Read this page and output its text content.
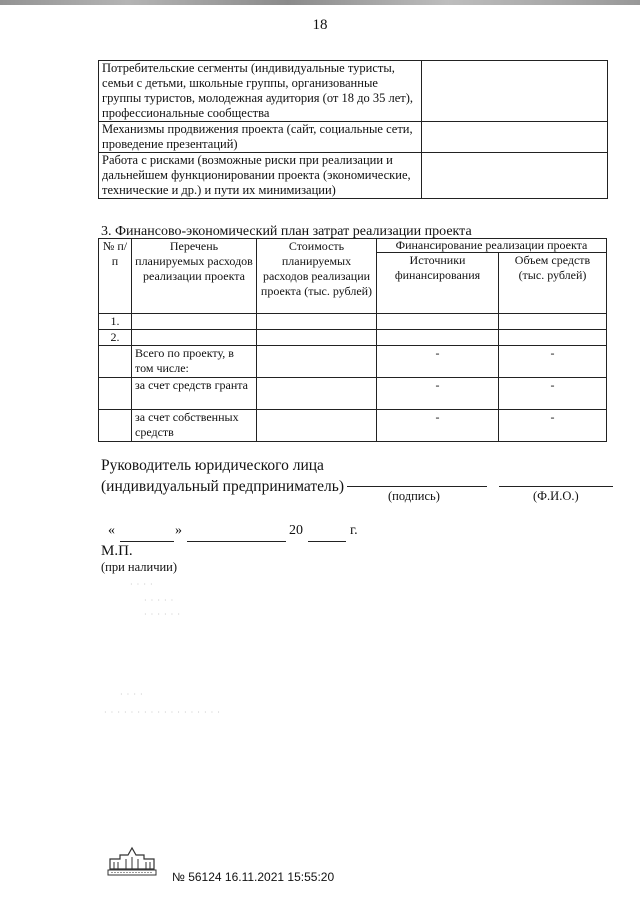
18
Потребительские сегменты (индивидуальные туристы, семьи с детьми, школьные группы, организованные группы туристов, молодежная аудитория (от 18 до 35 лет), профессиональные сообщества	
Механизмы продвижения проекта (сайт, социальные сети, проведение презентаций)	
Работа с рисками (возможные риски при реализации и дальнейшем функционировании проекта (экономические, технические и др.) и пути их минимизации)	
3. Финансово-экономический план затрат реализации проекта
№ п/п	Перечень планируемых расходов реализации проекта	Стоимость планируемых расходов реализации проекта (тыс. рублей)	Финансирование реализации проекта	
			Источники финансирования	Объем средств (тыс. рублей)
1.				
2.				
	Всего по проекту, в том числе:		-	-
	за счет средств гранта		-	-
	за счет собственных средств		-	-
Руководитель юридического лица
(индивидуальный предприниматель)
(подпись)	(Ф.И.О.)
«	»	20	г.
М.П.
(при наличии)
· · · ·
· · · · ·
· · · · · ·
· · · ·
· · · · · · · · · · · · · · · · · ·
№ 56124 16.11.2021 15:55:20
